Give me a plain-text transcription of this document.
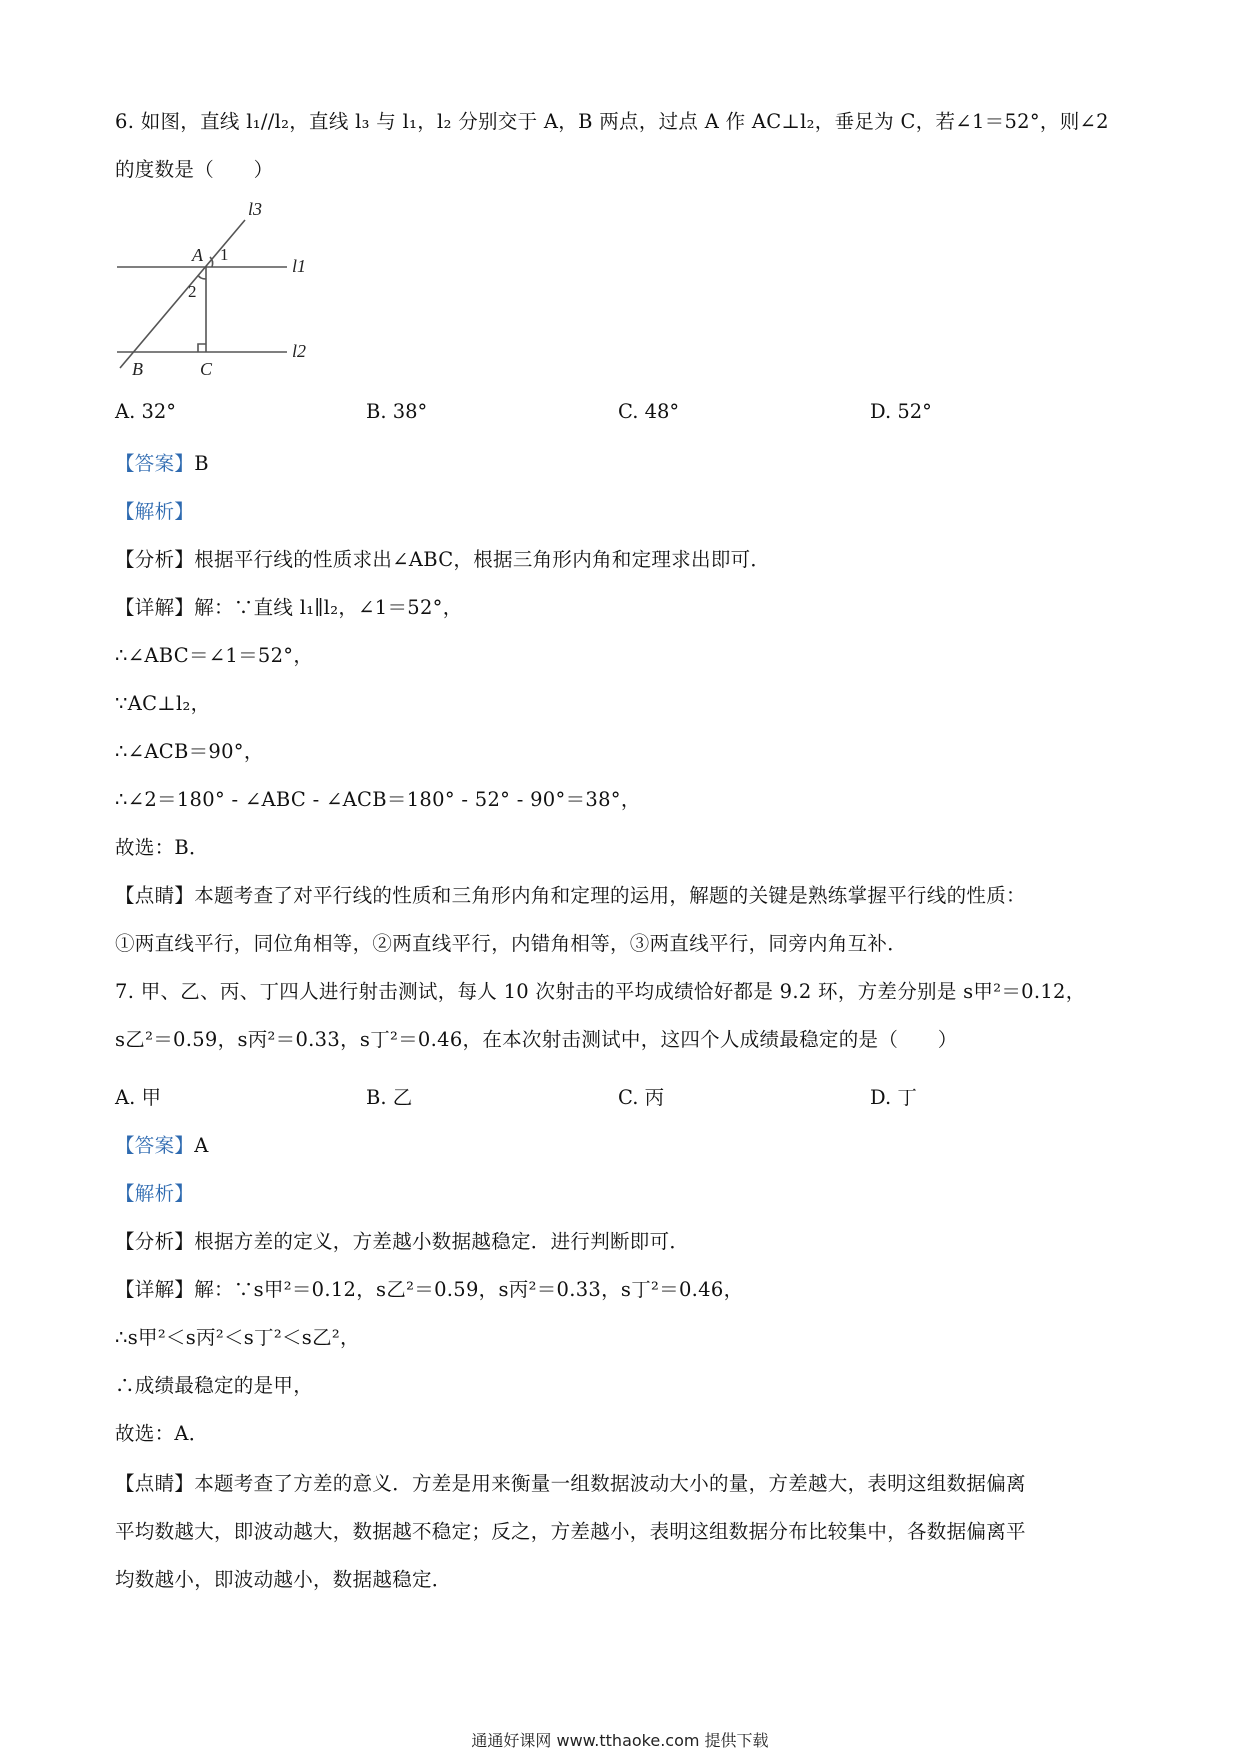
6. 如图，直线 l₁//l₂，直线 l₃ 与 l₁，l₂ 分别交于 A，B 两点，过点 A 作 AC⊥l₂，垂足为 C，若∠1＝52°，则∠2
的度数是（　　）
l3
A 1
l1
2
B	C
l2
A. 32°	B. 38°	C. 48°	D. 52°
【答案】B
【解析】
【分析】根据平行线的性质求出∠ABC，根据三角形内角和定理求出即可．
【详解】解：∵直线 l₁∥l₂，∠1＝52°，
∴∠ABC＝∠1＝52°，
∵AC⊥l₂，
∴∠ACB＝90°，
∴∠2＝180° - ∠ABC - ∠ACB＝180° - 52° - 90°＝38°，
故选：B．
【点睛】本题考查了对平行线的性质和三角形内角和定理的运用，解题的关键是熟练掌握平行线的性质：
①两直线平行，同位角相等，②两直线平行，内错角相等，③两直线平行，同旁内角互补．
7. 甲、乙、丙、丁四人进行射击测试，每人 10 次射击的平均成绩恰好都是 9.2 环，方差分别是 s甲²＝0.12，
s乙²＝0.59，s丙²＝0.33，s丁²＝0.46，在本次射击测试中，这四个人成绩最稳定的是（　　）
A. 甲	B. 乙	C. 丙	D. 丁
【答案】A
【解析】
【分析】根据方差的定义，方差越小数据越稳定．进行判断即可．
【详解】解：∵s甲²＝0.12，s乙²＝0.59，s丙²＝0.33，s丁²＝0.46，
∴s甲²＜s丙²＜s丁²＜s乙²，
∴成绩最稳定的是甲，
故选：A．
【点睛】本题考查了方差的意义．方差是用来衡量一组数据波动大小的量，方差越大，表明这组数据偏离
平均数越大，即波动越大，数据越不稳定；反之，方差越小，表明这组数据分布比较集中，各数据偏离平
均数越小，即波动越小，数据越稳定．
通通好课网 www.tthaoke.com 提供下载
